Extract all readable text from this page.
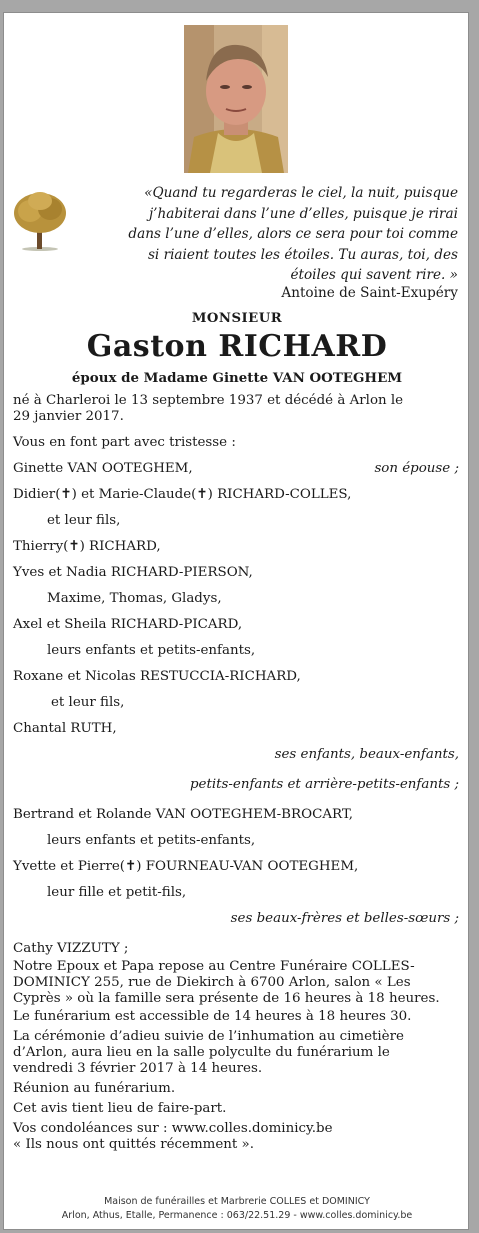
«Quand tu regarderas le ciel, la nuit, puisque
j’habiterai dans l’une d’elles, puisque je rirai
dans l’une d’elles, alors ce sera pour toi comme
si riaient toutes les étoiles. Tu auras, toi, des
étoiles qui savent rire. »
Antoine de Saint-Exupéry
MONSIEUR
Gaston RICHARD
époux de Madame Ginette VAN OOTEGHEM
né à Charleroi le 13 septembre 1937 et décédé à Arlon le
29 janvier 2017.
Vous en font part avec tristesse :
Ginette VAN OOTEGHEM,	son épouse ;
Didier(✝) et Marie-Claude(✝) RICHARD-COLLES,
et leur fils,
Thierry(✝) RICHARD,
Yves et Nadia RICHARD-PIERSON,
Maxime, Thomas, Gladys,
Axel et Sheila RICHARD-PICARD,
leurs enfants et petits-enfants,
Roxane et Nicolas RESTUCCIA-RICHARD,
et leur fils,
Chantal RUTH,
ses enfants, beaux-enfants,
petits-enfants et arrière-petits-enfants ;
Bertrand et Rolande VAN OOTEGHEM-BROCART,
leurs enfants et petits-enfants,
Yvette et Pierre(✝) FOURNEAU-VAN OOTEGHEM,
leur fille et petit-fils,
ses beaux-frères et belles-sœurs ;
Cathy VIZZUTY ;
Notre Epoux et Papa repose au Centre Funéraire COLLES-
DOMINICY 255, rue de Diekirch à 6700 Arlon, salon « Les
Cyprès » où la famille sera présente de 16 heures à 18 heures.
Le funérarium est accessible de 14 heures à 18 heures 30.
La cérémonie d’adieu suivie de l’inhumation au cimetière
d’Arlon, aura lieu en la salle polyculte du funérarium le
vendredi 3 février 2017 à 14 heures.
Réunion au funérarium.
Cet avis tient lieu de faire-part.
Vos condoléances sur : www.colles.dominicy.be
« Ils nous ont quittés récemment ».
Maison de funérailles et Marbrerie COLLES et DOMINICY
Arlon, Athus, Etalle, Permanence : 063/22.51.29 - www.colles.dominicy.be
